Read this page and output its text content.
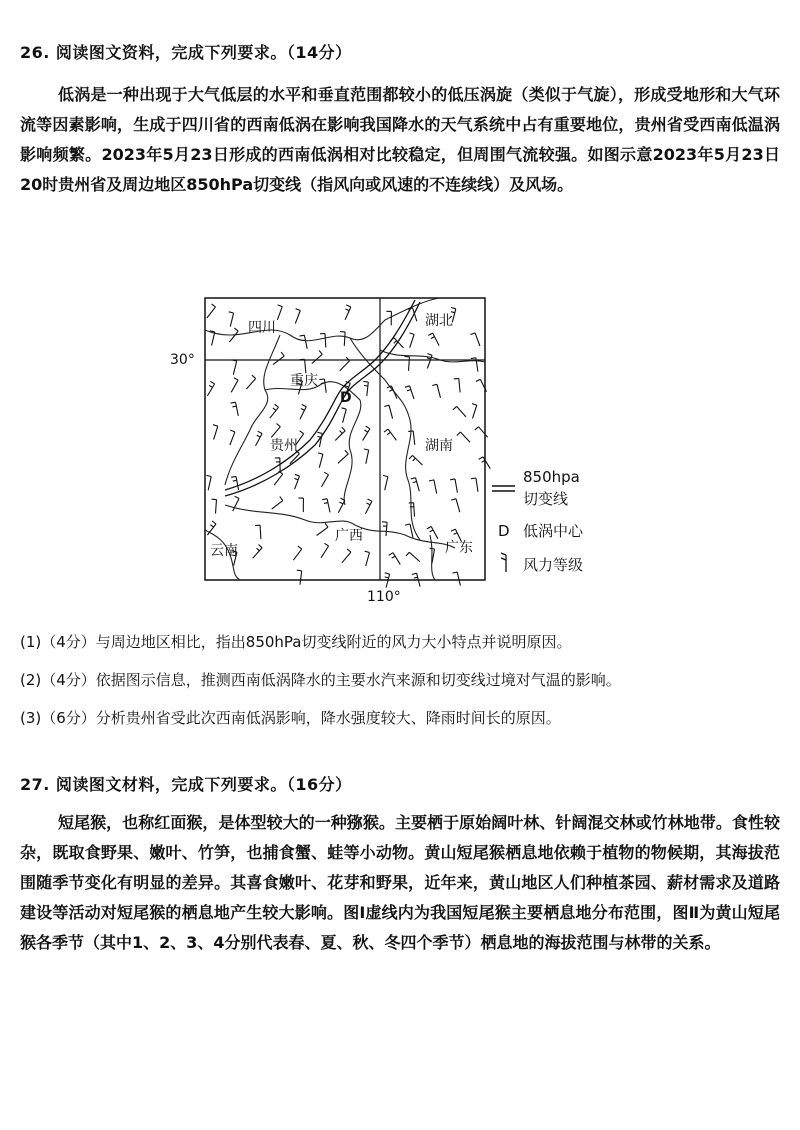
26. 阅读图文资料，完成下列要求。（14分）

低涡是一种出现于大气低层的水平和垂直范围都较小的低压涡旋（类似于气旋），形成受地形和大气环流等因素影响，生成于四川省的西南低涡在影响我国降水的天气系统中占有重要地位，贵州省受西南低温涡影响频繁。2023年5月23日形成的西南低涡相对比较稳定，但周围气流较强。如图示意2023年5月23日20时贵州省及周边地区850hPa切变线（指风向或风速的不连续线）及风场。

30°
110°
四川	湖北
重庆
D
贵州	湖南
云南
广西
广东
850hpa
切变线
D 低涡中心
风力等级
(1)（4分）与周边地区相比，指出850hPa切变线附近的风力大小特点并说明原因。
(2)（4分）依据图示信息，推测西南低涡降水的主要水汽来源和切变线过境对气温的影响。
(3)（6分）分析贵州省受此次西南低涡影响，降水强度较大、降雨时间长的原因。
27. 阅读图文材料，完成下列要求。（16分）

短尾猴，也称红面猴，是体型较大的一种猕猴。主要栖于原始阔叶林、针阔混交林或竹林地带。食性较杂，既取食野果、嫩叶、竹笋，也捕食蟹、蛙等小动物。黄山短尾猴栖息地依赖于植物的物候期，其海拔范围随季节变化有明显的差异。其喜食嫩叶、花芽和野果，近年来，黄山地区人们种植茶园、薪材需求及道路建设等活动对短尾猴的栖息地产生较大影响。图Ⅰ虚线内为我国短尾猴主要栖息地分布范围，图Ⅱ为黄山短尾猴各季节（其中1、2、3、4分别代表春、夏、秋、冬四个季节）栖息地的海拔范围与林带的关系。
